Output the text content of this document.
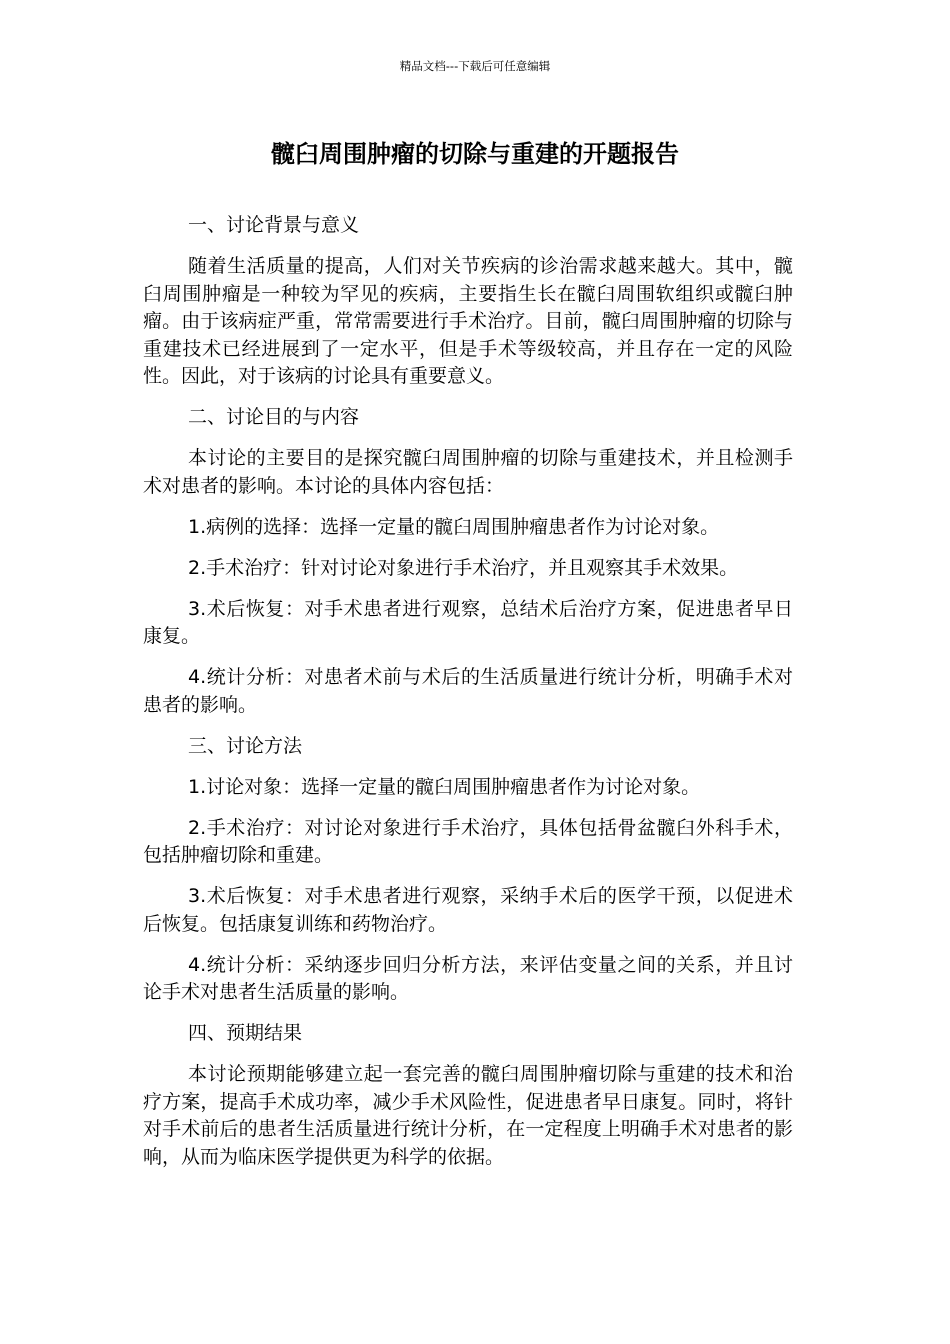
精品文档---下载后可任意编辑
髋臼周围肿瘤的切除与重建的开题报告

一、讨论背景与意义

随着生活质量的提高，人们对关节疾病的诊治需求越来越大。其中，髋臼周围肿瘤是一种较为罕见的疾病，主要指生长在髋臼周围软组织或髋臼肿瘤。由于该病症严重，常常需要进行手术治疗。目前，髋臼周围肿瘤的切除与重建技术已经进展到了一定水平，但是手术等级较高，并且存在一定的风险性。因此，对于该病的讨论具有重要意义。

二、讨论目的与内容

本讨论的主要目的是探究髋臼周围肿瘤的切除与重建技术，并且检测手术对患者的影响。本讨论的具体内容包括：

1.病例的选择：选择一定量的髋臼周围肿瘤患者作为讨论对象。

2.手术治疗：针对讨论对象进行手术治疗，并且观察其手术效果。

3.术后恢复：对手术患者进行观察，总结术后治疗方案，促进患者早日康复。

4.统计分析：对患者术前与术后的生活质量进行统计分析，明确手术对患者的影响。

三、讨论方法

1.讨论对象：选择一定量的髋臼周围肿瘤患者作为讨论对象。

2.手术治疗：对讨论对象进行手术治疗，具体包括骨盆髋臼外科手术，包括肿瘤切除和重建。

3.术后恢复：对手术患者进行观察，采纳手术后的医学干预，以促进术后恢复。包括康复训练和药物治疗。

4.统计分析：采纳逐步回归分析方法，来评估变量之间的关系，并且讨论手术对患者生活质量的影响。

四、预期结果

本讨论预期能够建立起一套完善的髋臼周围肿瘤切除与重建的技术和治疗方案，提高手术成功率，减少手术风险性，促进患者早日康复。同时，将针对手术前后的患者生活质量进行统计分析，在一定程度上明确手术对患者的影响，从而为临床医学提供更为科学的依据。
